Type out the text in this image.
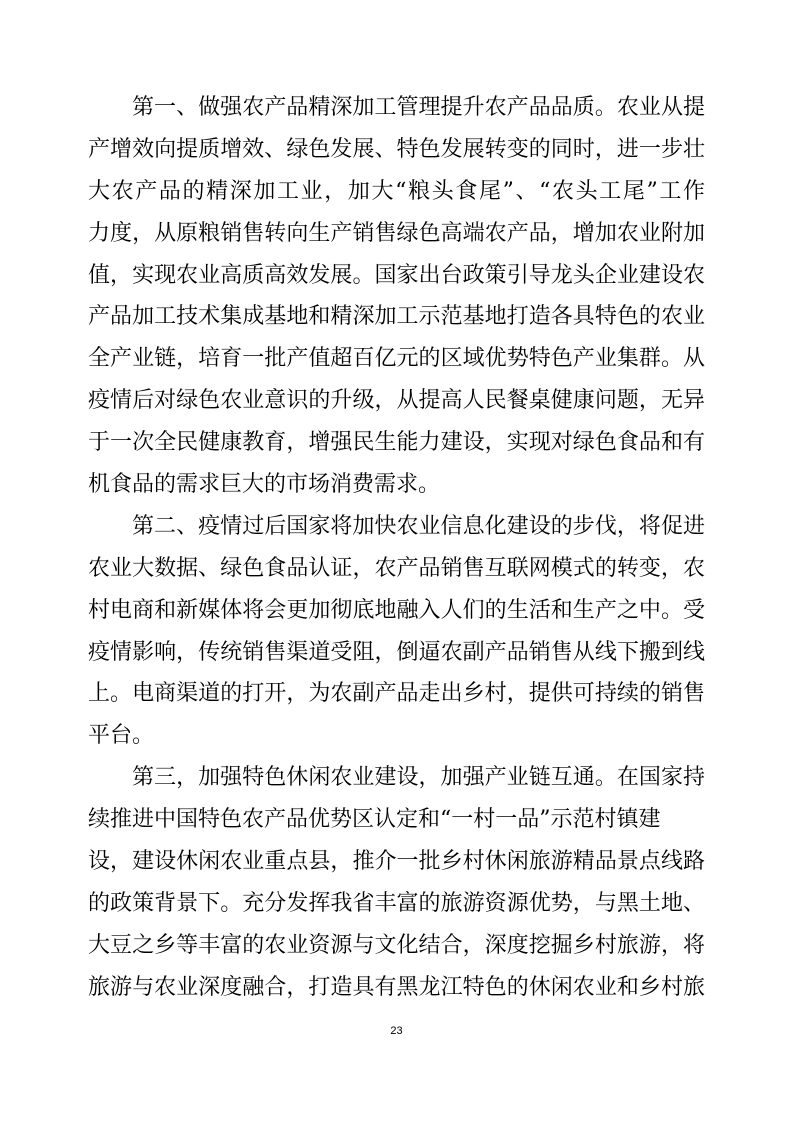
第一、做强农产品精深加工管理提升农产品品质。农业从提
产增效向提质增效、绿色发展、特色发展转变的同时，进一步壮
大农产品的精深加工业，加大“粮头食尾”、“农头工尾”工作
力度，从原粮销售转向生产销售绿色高端农产品，增加农业附加
值，实现农业高质高效发展。国家出台政策引导龙头企业建设农
产品加工技术集成基地和精深加工示范基地打造各具特色的农业
全产业链，培育一批产值超百亿元的区域优势特色产业集群。从
疫情后对绿色农业意识的升级，从提高人民餐桌健康问题，无异
于一次全民健康教育，增强民生能力建设，实现对绿色食品和有
机食品的需求巨大的市场消费需求。
第二、疫情过后国家将加快农业信息化建设的步伐，将促进
农业大数据、绿色食品认证，农产品销售互联网模式的转变，农
村电商和新媒体将会更加彻底地融入人们的生活和生产之中。受
疫情影响，传统销售渠道受阻，倒逼农副产品销售从线下搬到线
上。电商渠道的打开，为农副产品走出乡村，提供可持续的销售
平台。
第三，加强特色休闲农业建设，加强产业链互通。在国家持
续推进中国特色农产品优势区认定和“一村一品”示范村镇建
设，建设休闲农业重点县，推介一批乡村休闲旅游精品景点线路
的政策背景下。充分发挥我省丰富的旅游资源优势，与黑土地、
大豆之乡等丰富的农业资源与文化结合，深度挖掘乡村旅游，将
旅游与农业深度融合，打造具有黑龙江特色的休闲农业和乡村旅
23
